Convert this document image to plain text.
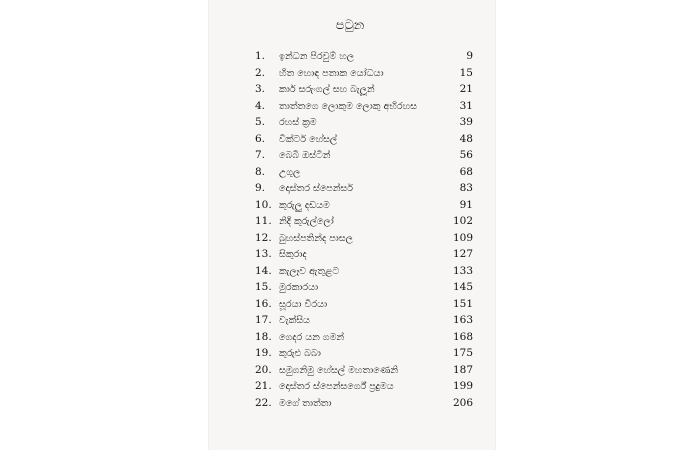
පටුන
1. ඉන්ධන පිරවුම් හල	9
2. හිත හොඳ පතාක යෝධයා	15
3. කාර් සරුංගල් සහ බැලූන්	21
4. තාත්තගෙ ලොකුම ලොකු අභිරහස	31
5. රහස් ක්‍රම	39
6. වික්ටර් හේසල්	48
7. බෙබී ඔස්ටින්	56
8. උගුල	68
9. දොස්තර ස්පෙන්සර්	83
10. කුරුලු දඩයම	91
11. නිදි කුරුල්ලෝ	102
12. බුහස්පතින්ද පාසල	109
13. සිකුරාද	127
14. කැලෑව ඇතුළට	133
15. මුරකාරයා	145
16. සූරයා වීරයා	151
17. වැක්සිය	163
18. ගෙදර යන ගමන්	168
19. කුරුළු බබා	175
20. සමුගනිමු හේසල් මහතාණෙනි	187
21. දොස්තර ස්පෙන්සර්ගේ ප්‍රදුමය	199
22. මගේ තාත්තා	206
